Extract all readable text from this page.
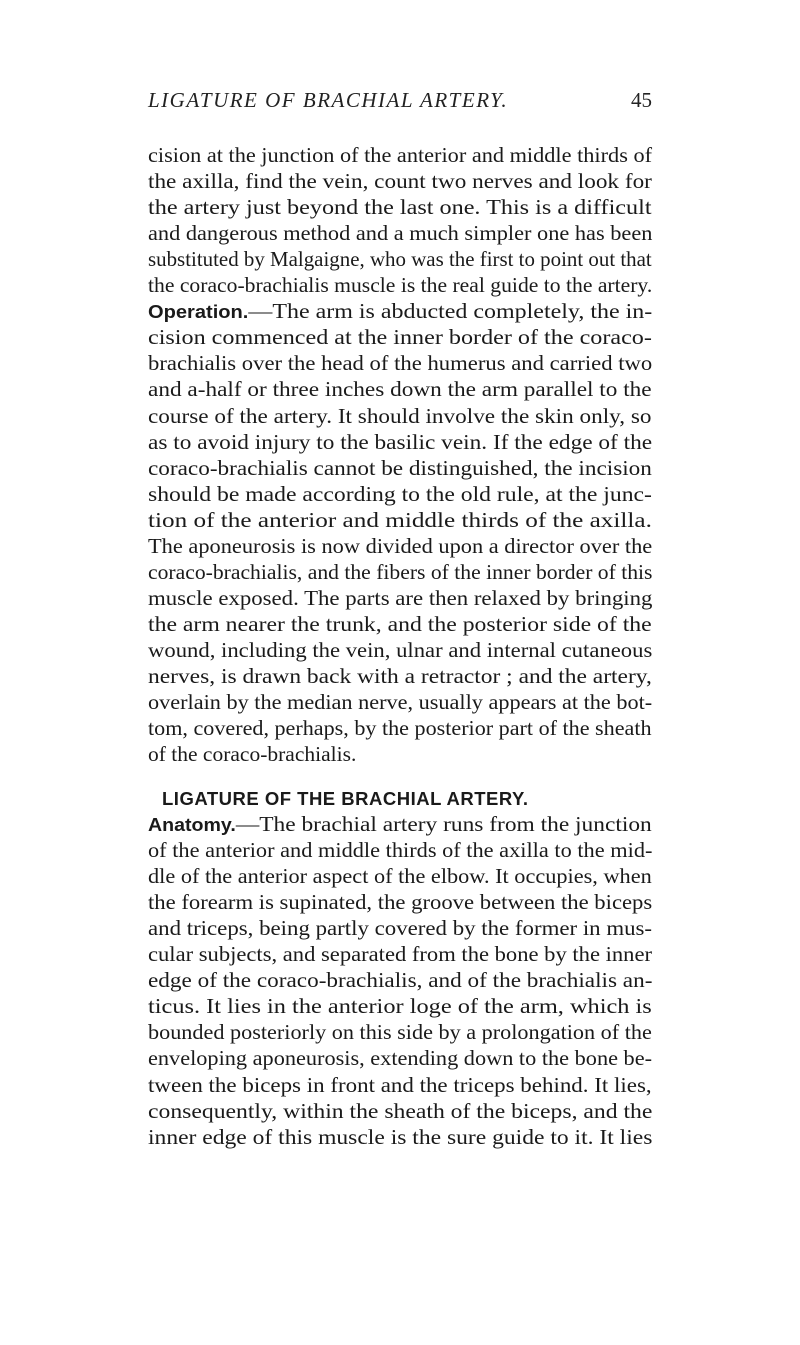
LIGATURE OF BRACHIAL ARTERY.	45
cision at the junction of the anterior and middle thirds of
the axilla, find the vein, count two nerves and look for
the artery just beyond the last one. This is a difficult
and dangerous method and a much simpler one has been
substituted by Malgaigne, who was the first to point out that
the coraco-brachialis muscle is the real guide to the artery.
Operation.—The arm is abducted completely, the in-
cision commenced at the inner border of the coraco-
brachialis over the head of the humerus and carried two
and a-half or three inches down the arm parallel to the
course of the artery. It should involve the skin only, so
as to avoid injury to the basilic vein. If the edge of the
coraco-brachialis cannot be distinguished, the incision
should be made according to the old rule, at the junc-
tion of the anterior and middle thirds of the axilla.
The aponeurosis is now divided upon a director over the
coraco-brachialis, and the fibers of the inner border of this
muscle exposed. The parts are then relaxed by bringing
the arm nearer the trunk, and the posterior side of the
wound, including the vein, ulnar and internal cutaneous
nerves, is drawn back with a retractor ; and the artery,
overlain by the median nerve, usually appears at the bot-
tom, covered, perhaps, by the posterior part of the sheath
of the coraco-brachialis.
LIGATURE OF THE BRACHIAL ARTERY.
Anatomy.—The brachial artery runs from the junction
of the anterior and middle thirds of the axilla to the mid-
dle of the anterior aspect of the elbow. It occupies, when
the forearm is supinated, the groove between the biceps
and triceps, being partly covered by the former in mus-
cular subjects, and separated from the bone by the inner
edge of the coraco-brachialis, and of the brachialis an-
ticus. It lies in the anterior loge of the arm, which is
bounded posteriorly on this side by a prolongation of the
enveloping aponeurosis, extending down to the bone be-
tween the biceps in front and the triceps behind. It lies,
consequently, within the sheath of the biceps, and the
inner edge of this muscle is the sure guide to it. It lies
